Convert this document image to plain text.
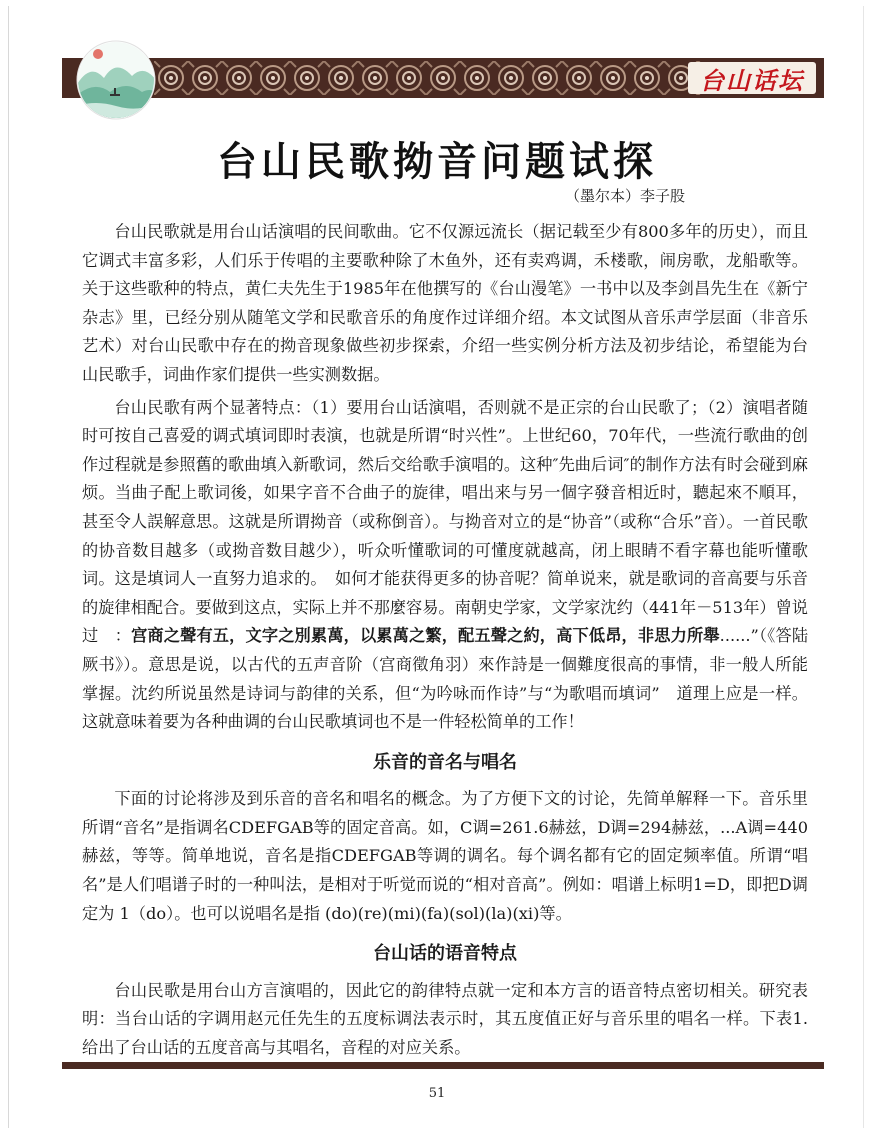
台山话坛
台山民歌拗音问题试探
（墨尔本）李子股

台山民歌就是用台山话演唱的民间歌曲。它不仅源远流长（据记载至少有800多年的历史），而且它调式丰富多彩，人们乐于传唱的主要歌种除了木鱼外，还有卖鸡调，禾楼歌，闹房歌，龙船歌等。关于这些歌种的特点，黄仁夫先生于1985年在他撰写的《台山漫笔》一书中以及李剑昌先生在《新宁杂志》里，已经分别从随笔文学和民歌音乐的角度作过详细介绍。本文试图从音乐声学层面（非音乐艺术）对台山民歌中存在的拗音现象做些初步探索，介绍一些实例分析方法及初步结论，希望能为台山民歌手，词曲作家们提供一些实测数据。

台山民歌有两个显著特点：（1）要用台山话演唱，否则就不是正宗的台山民歌了；（2）演唱者随时可按自己喜爱的调式填词即时表演，也就是所谓“时兴性”。上世纪60，70年代，一些流行歌曲的创作过程就是参照舊的歌曲填入新歌词，然后交给歌手演唱的。这种″先曲后词″的制作方法有时会碰到麻烦。当曲子配上歌词後，如果字音不合曲子的旋律，唱出来与另一個字發音相近时，聽起來不順耳，甚至令人誤解意思。这就是所谓拗音（或称倒音）。与拗音对立的是“协音”（或称“合乐”音）。一首民歌的协音数目越多（或拗音数目越少），听众听懂歌词的可懂度就越高，闭上眼睛不看字幕也能听懂歌词。这是填词人一直努力追求的。　如何才能获得更多的协音呢？简单说来，就是歌词的音高要与乐音的旋律相配合。要做到这点，实际上并不那麼容易。南朝史学家，文学家沈约（441年－513年）曾说过　：宫商之聲有五，文字之別累萬，以累萬之繁，配五聲之約，高下低昂，非思力所舉......”（《答陆厥书》）。意思是说，以古代的五声音阶（宫商徵角羽）來作詩是一個難度很高的事情，非一般人所能掌握。沈约所说虽然是诗词与韵律的关系，但“为吟咏而作诗”与“为歌唱而填词”　道理上应是一样。这就意味着要为各种曲调的台山民歌填词也不是一件轻松简单的工作！

乐音的音名与唱名

下面的讨论将涉及到乐音的音名和唱名的概念。为了方便下文的讨论，先简单解释一下。音乐里所谓“音名”是指调名CDEFGAB等的固定音高。如，C调=261.6赫兹，D调=294赫兹，...A调=440赫兹，等等。简单地说，音名是指CDEFGAB等调的调名。每个调名都有它的固定频率值。所谓“唱名”是人们唱谱子时的一种叫法，是相对于听觉而说的“相对音高”。例如：唱谱上标明1=D，即把D调定为 1（do）。也可以说唱名是指 (do)(re)(mi)(fa)(sol)(la)(xi)等。

台山话的语音特点

台山民歌是用台山方言演唱的，因此它的韵律特点就一定和本方言的语音特点密切相关。研究表明：当台山话的字调用赵元任先生的五度标调法表示时，其五度值正好与音乐里的唱名一样。下表1. 给出了台山话的五度音高与其唱名，音程的对应关系。

51
